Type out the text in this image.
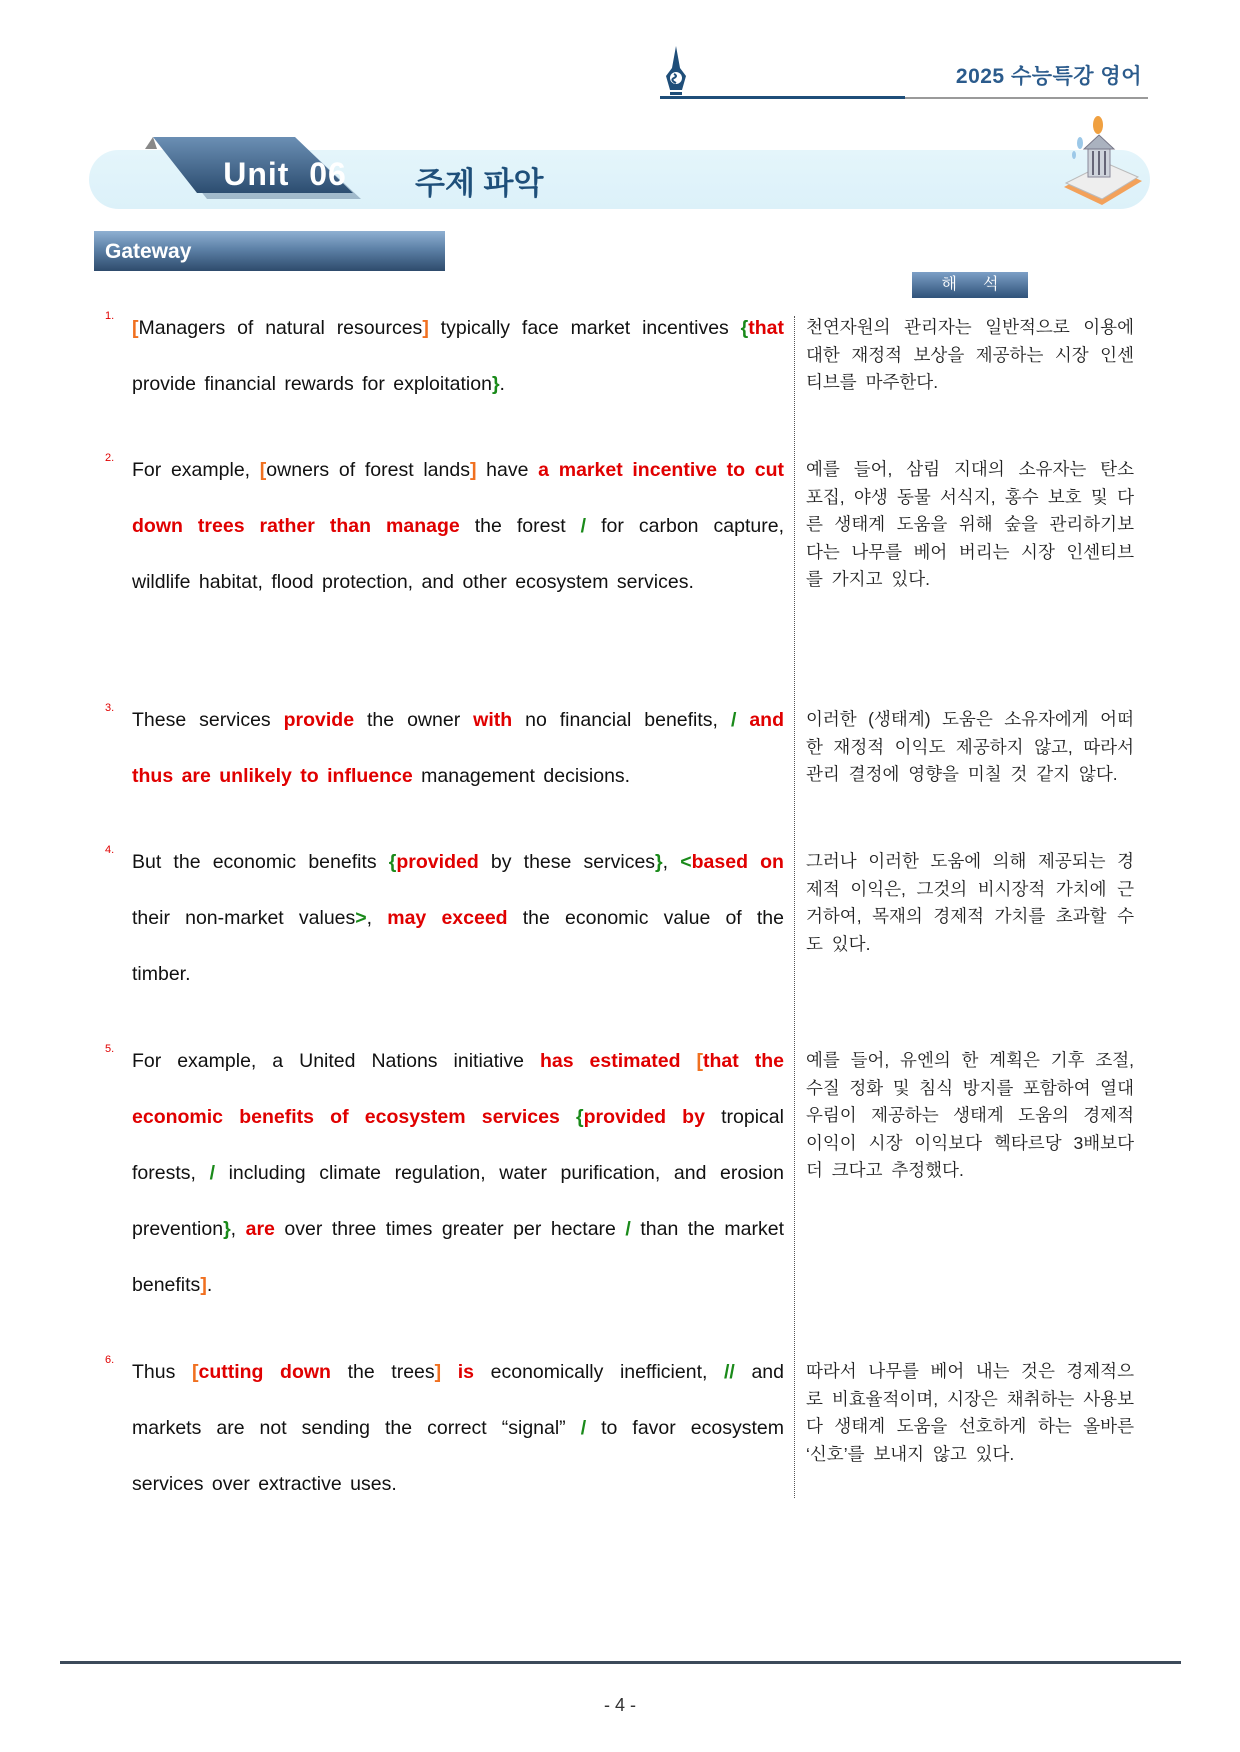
2025 수능특강 영어
Unit  06	주제 파악
Gateway
해석
1.
[Managers of natural resources] typically face market incentives {that provide financial rewards for exploitation}.
천연자원의 관리자는 일반적으로 이용에 대한 재정적 보상을 제공하는 시장 인센티브를 마주한다.
2.
For example, [owners of forest lands] have a market incentive to cut down trees rather than manage the forest / for carbon capture, wildlife habitat, flood protection, and other ecosystem services.
예를 들어, 삼림 지대의 소유자는 탄소 포집, 야생 동물 서식지, 홍수 보호 및 다른 생태계 도움을 위해 숲을 관리하기보다는 나무를 베어 버리는 시장 인센티브를 가지고 있다.
3.
These services provide the owner with no financial benefits, / and thus are unlikely to influence management decisions.
이러한 (생태계) 도움은 소유자에게 어떠한 재정적 이익도 제공하지 않고, 따라서 관리 결정에 영향을 미칠 것 같지 않다.
4.
But the economic benefits {provided by these services}, <based on their non-market values>, may exceed the economic value of the timber.
그러나 이러한 도움에 의해 제공되는 경제적 이익은, 그것의 비시장적 가치에 근거하여, 목재의 경제적 가치를 초과할 수도 있다.
5.
For example, a United Nations initiative has estimated [that the economic benefits of ecosystem services {provided by tropical forests, / including climate regulation, water purification, and erosion prevention}, are over three times greater per hectare / than the market benefits].
예를 들어, 유엔의 한 계획은 기후 조절, 수질 정화 및 침식 방지를 포함하여 열대 우림이 제공하는 생태계 도움의 경제적 이익이 시장 이익보다 헥타르당 3배보다 더 크다고 추정했다.
6.
Thus [cutting down the trees] is economically inefficient, // and markets are not sending the correct “signal” / to favor ecosystem services over extractive uses.
따라서 나무를 베어 내는 것은 경제적으로 비효율적이며, 시장은 채취하는 사용보다 생태계 도움을 선호하게 하는 올바른 ‘신호’를 보내지 않고 있다.
- 4 -
